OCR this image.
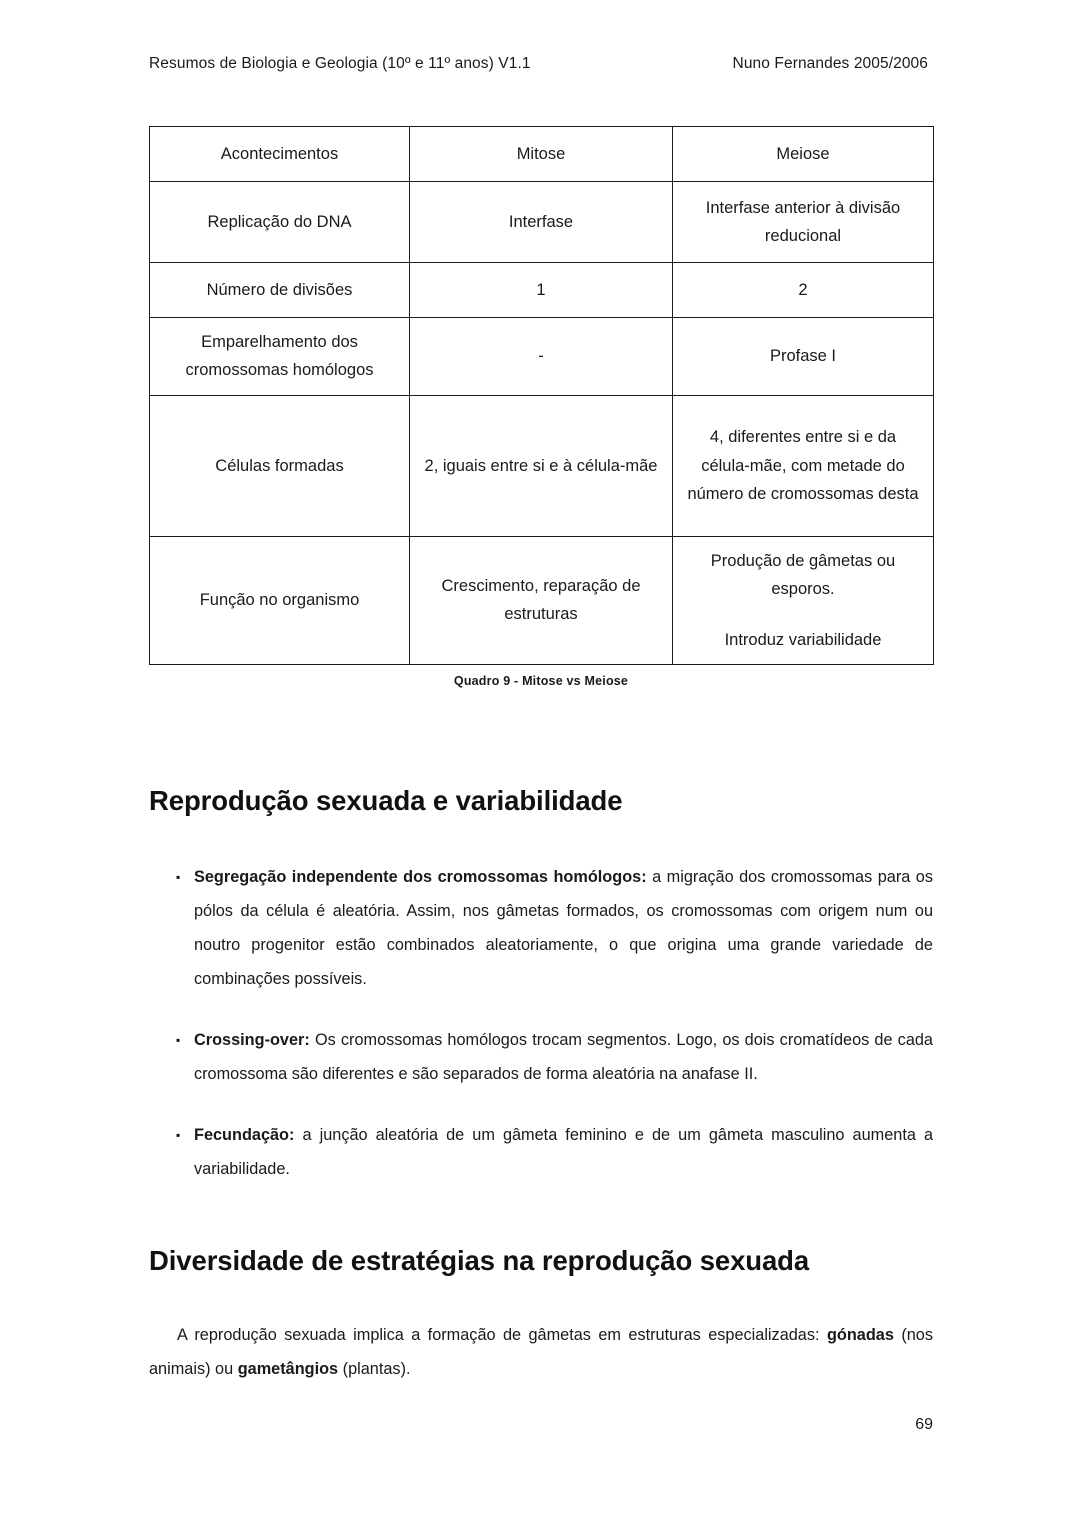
Resumos de Biologia e Geologia (10º e 11º anos) V1.1	Nuno Fernandes 2005/2006
Acontecimentos	Mitose	Meiose
Replicação do DNA	Interfase	Interfase anterior à divisão reducional
Número de divisões	1	2
Emparelhamento dos cromossomas homólogos	-	Profase I
Células formadas	2, iguais entre si e à célula-mãe	4, diferentes entre si e da célula-mãe, com metade do número de cromossomas desta
Função no organismo	Crescimento, reparação de estruturas	Produção de gâmetas ou esporos.
Introduz variabilidade
Quadro 9 - Mitose vs Meiose
Reprodução sexuada e variabilidade

▪ Segregação independente dos cromossomas homólogos: a migração dos cromossomas para os pólos da célula é aleatória. Assim, nos gâmetas formados, os cromossomas com origem num ou noutro progenitor estão combinados aleatoriamente, o que origina uma grande variedade de combinações possíveis.

▪ Crossing-over: Os cromossomas homólogos trocam segmentos. Logo, os dois cromatídeos de cada cromossoma são diferentes e são separados de forma aleatória na anafase II.

▪ Fecundação: a junção aleatória de um gâmeta feminino e de um gâmeta masculino aumenta a variabilidade.

Diversidade de estratégias na reprodução sexuada

A reprodução sexuada implica a formação de gâmetas em estruturas especializadas: gónadas (nos animais) ou gametângios (plantas).

69
